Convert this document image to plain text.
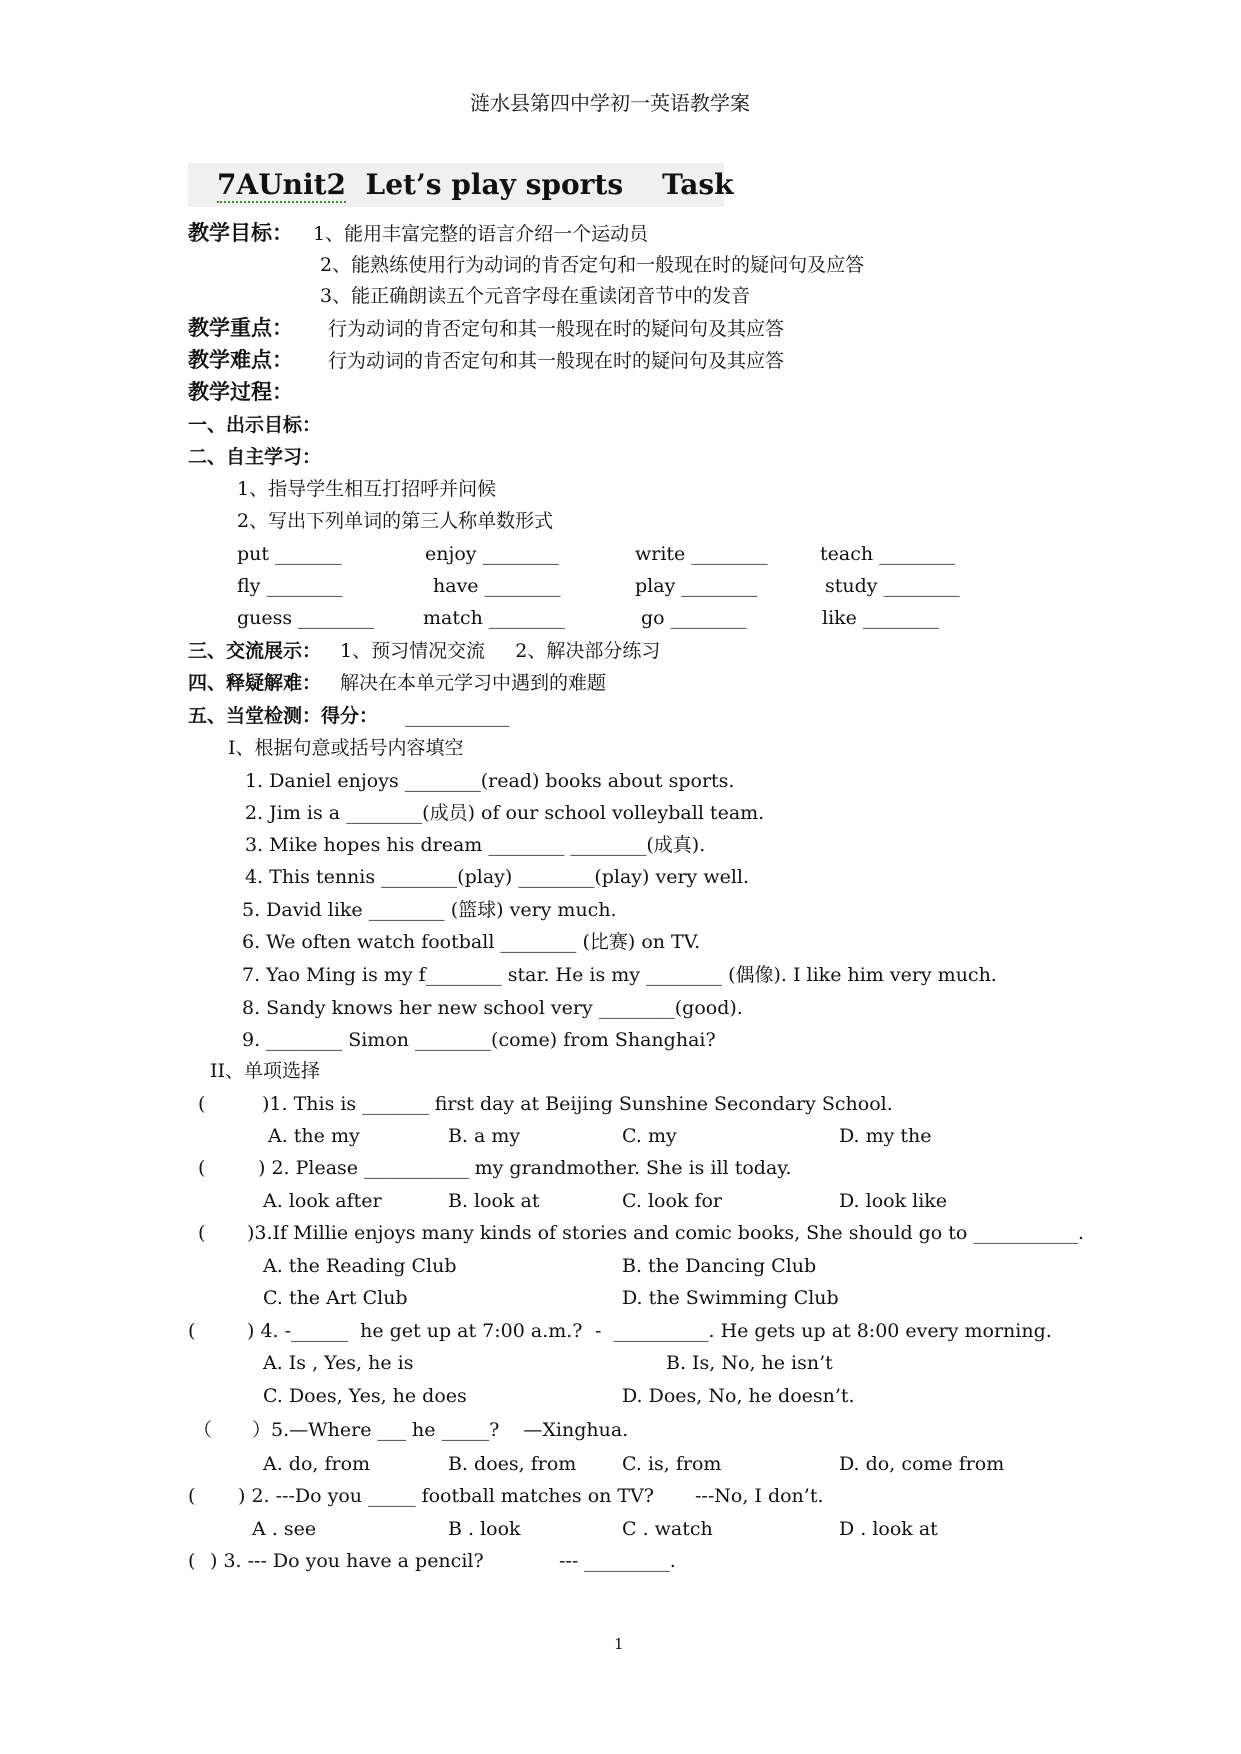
涟水县第四中学初一英语教学案
7AUnit2  Let’s play sports    Task
教学目标： 1、能用丰富完整的语言介绍一个运动员
2、能熟练使用行为动词的肯否定句和一般现在时的疑问句及应答
3、能正确朗读五个元音字母在重读闭音节中的发音
教学重点： 行为动词的肯否定句和其一般现在时的疑问句及其应答
教学难点： 行为动词的肯否定句和其一般现在时的疑问句及其应答
教学过程：
一、出示目标：
二、自主学习：
1、指导学生相互打招呼并问候
2、写出下列单词的第三人称单数形式
put _______	enjoy ________	write ________	teach ________
fly ________	have ________	play ________	study ________
guess ________	match ________	go ________	like ________
三、交流展示： 1、预习情况交流     2、解决部分练习
四、释疑解难： 解决在本单元学习中遇到的难题
五、当堂检测：得分： ___________
I、根据句意或括号内容填空
1. Daniel enjoys ________(read) books about sports.
2. Jim is a ________(成员) of our school volleyball team.
3. Mike hopes his dream ________ ________(成真).
4. This tennis ________(play) ________(play) very well.
5. David like ________ (篮球) very much.
6. We often watch football ________ (比赛) on TV.
7. Yao Ming is my f________ star. He is my ________ (偶像). I like him very much.
8. Sandy knows her new school very ________(good).
9. ________ Simon ________(come) from Shanghai?
II、单项选择
(	)1. This is _______ first day at Beijing Sunshine Secondary School.
A. the my	B. a my	C. my	D. my the
(	) 2. Please ___________ my grandmother. She is ill today.
A. look after	B. look at	C. look for	D. look like
( )3.If Millie enjoys many kinds of stories and comic books, She should go to ___________.
A. the Reading Club	B. the Dancing Club
C. the Art Club	D. the Swimming Club
(	) 4. -______  he get up at 7:00 a.m.? -  __________. He gets up at 8:00 every morning.
A. Is , Yes, he is	B. Is, No, he isn’t
C. Does, Yes, he does	D. Does, No, he doesn’t.
（ ）5.—Where ___ he _____?    —Xinghua.
A. do, from	B. does, from C. is, from	D. do, come from
( ) 2. ---Do you _____ football matches on TV? ---No, I don’t.
A . see	B . look	C . watch	D . look at
( ) 3. --- Do you have a pencil?	--- _________.
1
